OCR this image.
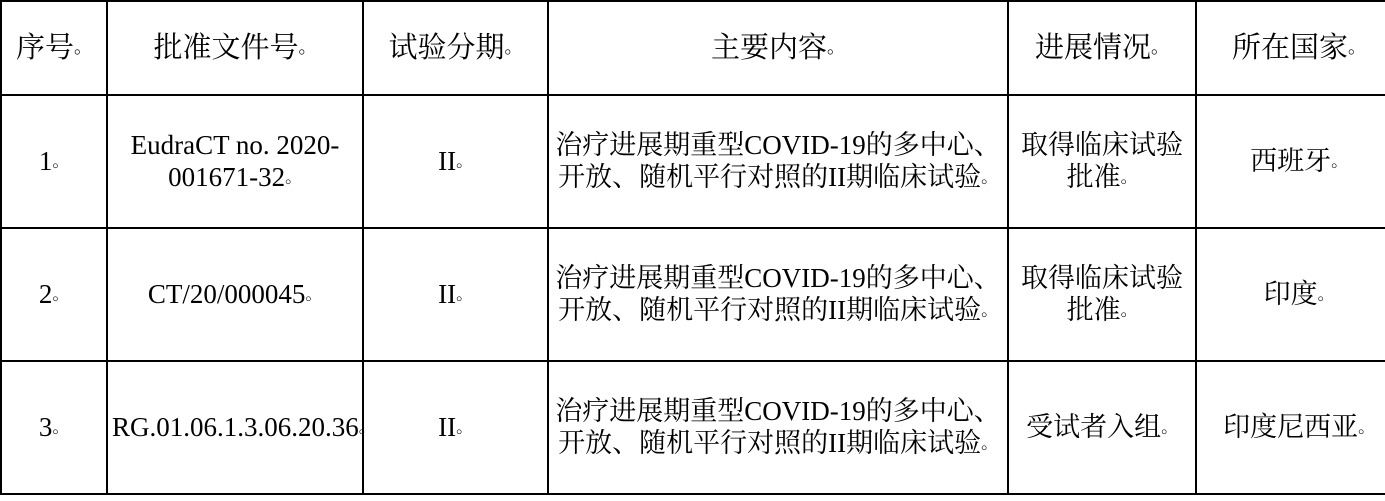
序号。	批准文件号。	试验分期。	主要内容。	进展情况。	所在国家。
1。	EudraCT no. 2020-001671-32。	II。	治疗进展期重型COVID-19的多中心、开放、随机平行对照的II期临床试验。	取得临床试验批准。	西班牙。
2。	CT/20/000045。	II。	治疗进展期重型COVID-19的多中心、开放、随机平行对照的II期临床试验。	取得临床试验批准。	印度。
3。	RG.01.06.1.3.06.20.36。	II。	治疗进展期重型COVID-19的多中心、开放、随机平行对照的II期临床试验。	受试者入组。	印度尼西亚。
